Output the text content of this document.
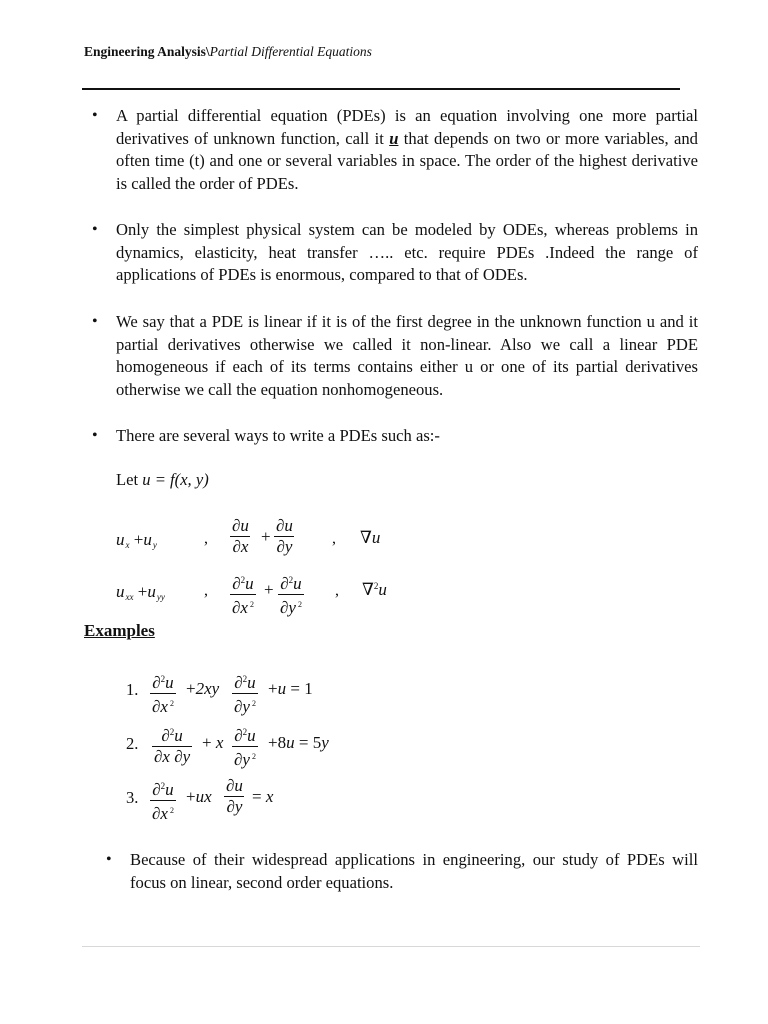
Engineering Analysis\Partial Differential Equations
• A partial differential equation (PDEs) is an equation involving one more partial derivatives of unknown function, call it u that depends on two or more variables, and often time (t) and one or several variables in space. The order of the highest derivative is called the order of PDEs.
• Only the simplest physical system can be modeled by ODEs, whereas problems in dynamics, elasticity, heat transfer ….. etc. require PDEs .Indeed the range of applications of PDEs is enormous, compared to that of ODEs.
• We say that a PDE is linear if it is of the first degree in the unknown function u and it partial derivatives otherwise we called it non-linear. Also we call a linear PDE homogeneous if each of its terms contains either u or one of its partial derivatives otherwise we call the equation nonhomogeneous.
• There are several ways to write a PDEs such as:-
Let u = f(x, y)
$u_x +u_y$	, $\frac{\partial u}{\partial x} + \frac{\partial u}{\partial y}$ , ∇u
$u_{xx} +u_{yy}$ , $\frac{\partial^2u}{\partial x ^2} + \frac{\partial^2u}{\partial y ^2}$ , ∇$^2$u
Examples
1. $\frac{\partial^2u}{\partial x ^2} +2xy \frac{\partial^2u}{\partial y ^2} +u = 1$
2. $\frac{\partial^2u}{\partial x \partial y} + x \frac{\partial^2u}{\partial y ^2} +8u = 5y$
3. $\frac{\partial^2u}{\partial x ^2} +ux \frac{\partial u}{\partial y} = x$
• Because of their widespread applications in engineering, our study of PDEs will focus on linear, second order equations.
